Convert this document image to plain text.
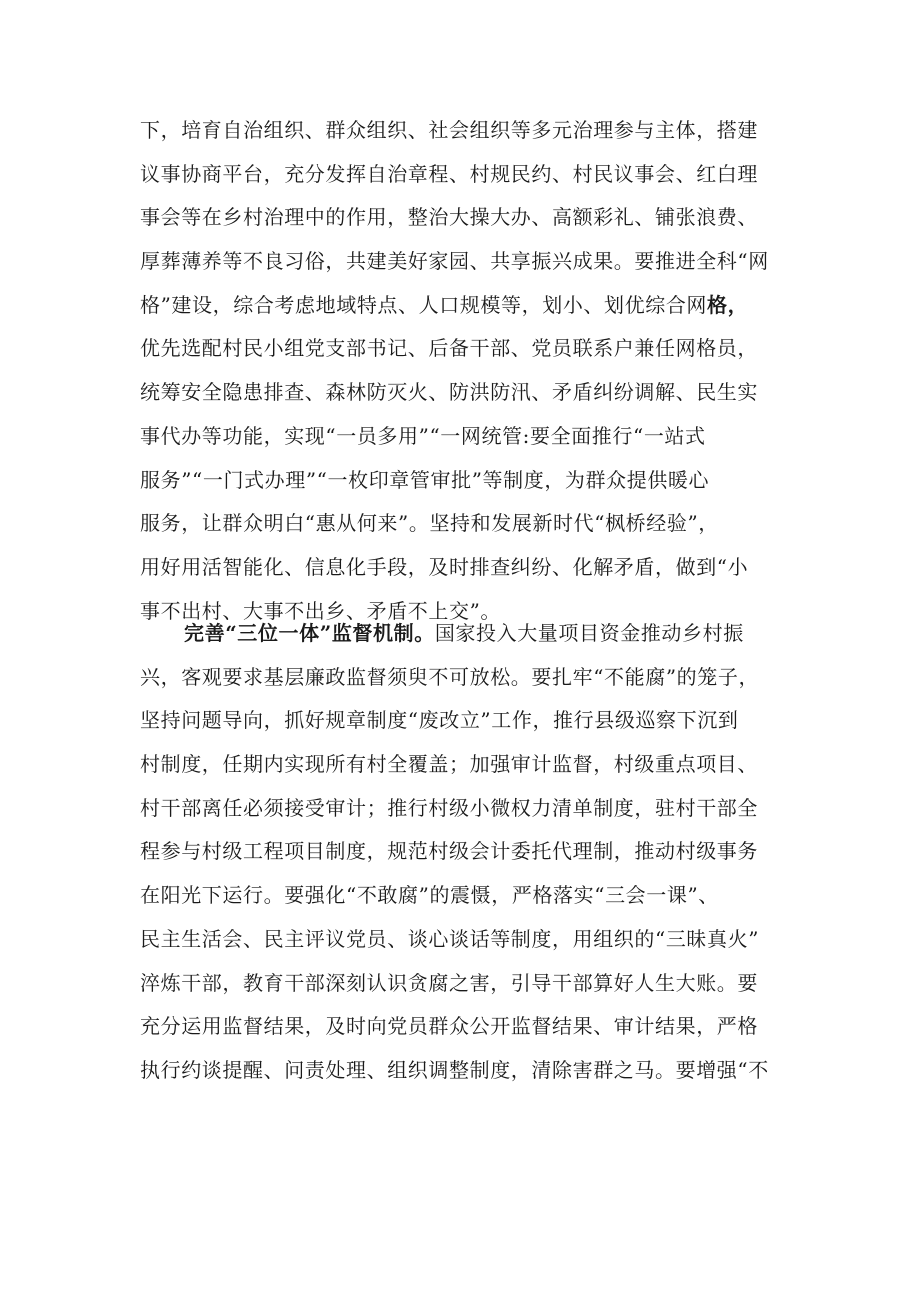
下，培育自治组织、群众组织、社会组织等多元治理参与主体，搭建
议事协商平台，充分发挥自治章程、村规民约、村民议事会、红白理
事会等在乡村治理中的作用，整治大操大办、高额彩礼、铺张浪费、
厚葬薄养等不良习俗，共建美好家园、共享振兴成果。要推进全科“网
格”建设，综合考虑地域特点、人口规模等，划小、划优综合网格，
优先选配村民小组党支部书记、后备干部、党员联系户兼任网格员，
统筹安全隐患排查、森林防灭火、防洪防汛、矛盾纠纷调解、民生实
事代办等功能，实现“一员多用”“一网统管:要全面推行“一站式
服务”“一门式办理”“一枚印章管审批”等制度，为群众提供暖心
服务，让群众明白“惠从何来”。坚持和发展新时代“枫桥经验”，
用好用活智能化、信息化手段，及时排查纠纷、化解矛盾，做到“小
事不出村、大事不出乡、矛盾不上交”。
完善“三位一体”监督机制。国家投入大量项目资金推动乡村振
兴，客观要求基层廉政监督须臾不可放松。要扎牢“不能腐”的笼子，
坚持问题导向，抓好规章制度“废改立”工作，推行县级巡察下沉到
村制度，任期内实现所有村全覆盖；加强审计监督，村级重点项目、
村干部离任必须接受审计；推行村级小微权力清单制度，驻村干部全
程参与村级工程项目制度，规范村级会计委托代理制，推动村级事务
在阳光下运行。要强化“不敢腐”的震慑，严格落实“三会一课”、
民主生活会、民主评议党员、谈心谈话等制度，用组织的“三昧真火”
淬炼干部，教育干部深刻认识贪腐之害，引导干部算好人生大账。要
充分运用监督结果，及时向党员群众公开监督结果、审计结果，严格
执行约谈提醒、问责处理、组织调整制度，清除害群之马。要增强“不
